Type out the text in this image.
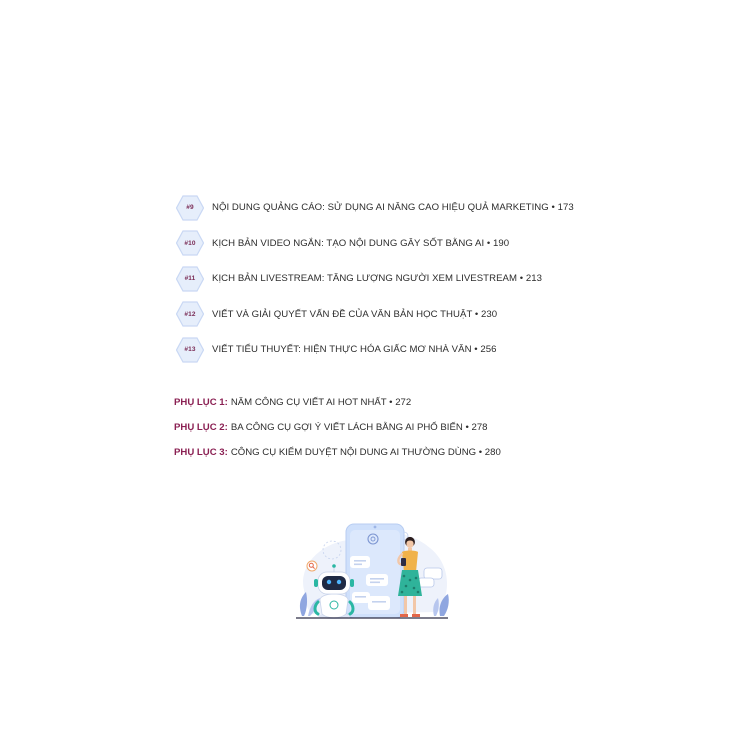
#9 NỘI DUNG QUẢNG CÁO: SỬ DỤNG AI NÂNG CAO HIỆU QUẢ MARKETING • 173
#10 KỊCH BẢN VIDEO NGẮN: TẠO NỘI DUNG GÂY SỐT BẰNG AI • 190
#11 KỊCH BẢN LIVESTREAM: TĂNG LƯỢNG NGƯỜI XEM LIVESTREAM • 213
#12 VIẾT VÀ GIẢI QUYẾT VẤN ĐỀ CỦA VĂN BẢN HỌC THUẬT • 230
#13 VIẾT TIỂU THUYẾT: HIỆN THỰC HÓA GIẤC MƠ NHÀ VĂN • 256
PHỤ LỤC 1: NĂM CÔNG CỤ VIẾT AI HOT NHẤT • 272
PHỤ LỤC 2: BA CÔNG CỤ GỢI Ý VIẾT LÁCH BẰNG AI PHỔ BIẾN • 278
PHỤ LỤC 3: CÔNG CỤ KIỂM DUYỆT NỘI DUNG AI THƯỜNG DÙNG • 280
